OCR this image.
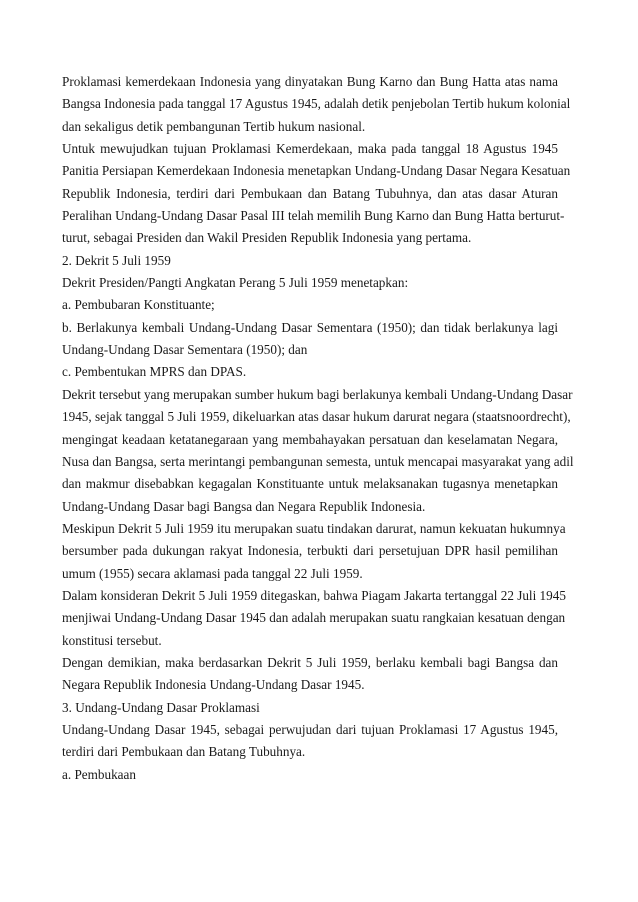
Proklamasi kemerdekaan Indonesia yang dinyatakan Bung Karno dan Bung Hatta atas nama
Bangsa Indonesia pada tanggal 17 Agustus 1945, adalah detik penjebolan Tertib hukum kolonial
dan sekaligus detik pembangunan Tertib hukum nasional.
Untuk mewujudkan tujuan Proklamasi Kemerdekaan, maka pada tanggal 18 Agustus 1945
Panitia Persiapan Kemerdekaan Indonesia menetapkan Undang-Undang Dasar Negara Kesatuan
Republik Indonesia, terdiri dari Pembukaan dan Batang Tubuhnya, dan atas dasar Aturan
Peralihan Undang-Undang Dasar Pasal III telah memilih Bung Karno dan Bung Hatta berturut-
turut, sebagai Presiden dan Wakil Presiden Republik Indonesia yang pertama.
2. Dekrit 5 Juli 1959
Dekrit Presiden/Pangti Angkatan Perang 5 Juli 1959 menetapkan:
a. Pembubaran Konstituante;
b. Berlakunya kembali Undang-Undang Dasar Sementara (1950); dan tidak berlakunya lagi
Undang-Undang Dasar Sementara (1950); dan
c. Pembentukan MPRS dan DPAS.
Dekrit tersebut yang merupakan sumber hukum bagi berlakunya kembali Undang-Undang Dasar
1945, sejak tanggal 5 Juli 1959, dikeluarkan atas dasar hukum darurat negara (staatsnoordrecht),
mengingat keadaan ketatanegaraan yang membahayakan persatuan dan keselamatan Negara,
Nusa dan Bangsa, serta merintangi pembangunan semesta, untuk mencapai masyarakat yang adil
dan makmur disebabkan kegagalan Konstituante untuk melaksanakan tugasnya menetapkan
Undang-Undang Dasar bagi Bangsa dan Negara Republik Indonesia.
Meskipun Dekrit 5 Juli 1959 itu merupakan suatu tindakan darurat, namun kekuatan hukumnya
bersumber pada dukungan rakyat Indonesia, terbukti dari persetujuan DPR hasil pemilihan
umum (1955) secara aklamasi pada tanggal 22 Juli 1959.
Dalam konsideran Dekrit 5 Juli 1959 ditegaskan, bahwa Piagam Jakarta tertanggal 22 Juli 1945
menjiwai Undang-Undang Dasar 1945 dan adalah merupakan suatu rangkaian kesatuan dengan
konstitusi tersebut.
Dengan demikian, maka berdasarkan Dekrit 5 Juli 1959, berlaku kembali bagi Bangsa dan
Negara Republik Indonesia Undang-Undang Dasar 1945.
3. Undang-Undang Dasar Proklamasi
Undang-Undang Dasar 1945, sebagai perwujudan dari tujuan Proklamasi 17 Agustus 1945,
terdiri dari Pembukaan dan Batang Tubuhnya.
a. Pembukaan
